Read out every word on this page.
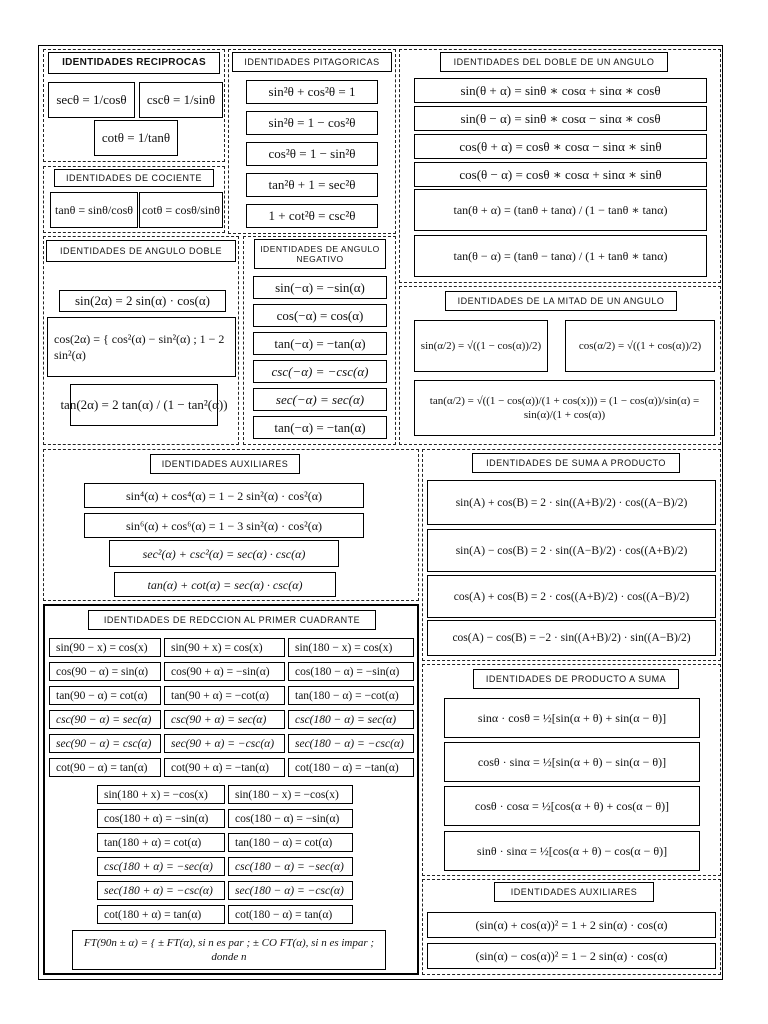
IDENTIDADES RECIPROCAS
secθ = 1/cosθ	cscθ = 1/sinθ
cotθ = 1/tanθ
IDENTIDADES PITAGORICAS
sin²θ + cos²θ = 1
sin²θ = 1 − cos²θ
cos²θ = 1 − sin²θ
tan²θ + 1 = sec²θ
1 + cot²θ = csc²θ
IDENTIDADES DEL DOBLE DE UN ANGULO
sin(θ + α) = sinθ ∗ cosα + sinα ∗ cosθ
sin(θ − α) = sinθ ∗ cosα − sinα ∗ cosθ
cos(θ + α) = cosθ ∗ cosα − sinα ∗ sinθ
cos(θ − α) = cosθ ∗ cosα + sinα ∗ sinθ
tan(θ + α) = (tanθ + tanα) / (1 − tanθ ∗ tanα)
tan(θ − α) = (tanθ − tanα) / (1 + tanθ ∗ tanα)
IDENTIDADES DE COCIENTE
tanθ = sinθ/cosθ cotθ = cosθ/sinθ
IDENTIDADES DE ANGULO DOBLE
sin(2α) = 2 sin(α) · cos(α)
cos(2α) = { cos²(α) − sin²(α) ; 1 − 2 sin²(α)
tan(2α) = 2 tan(α) / (1 − tan²(α))
IDENTIDADES DE ANGULO NEGATIVO
sin(−α) = −sin(α)
cos(−α) = cos(α)
tan(−α) = −tan(α)
csc(−α) = −csc(α)
sec(−α) = sec(α)
tan(−α) = −tan(α)
IDENTIDADES DE LA MITAD DE UN ANGULO
sin(α/2) = √((1 − cos(α))/2)	cos(α/2) = √((1 + cos(α))/2)
tan(α/2) = √((1 − cos(α))/(1 + cos(x))) = (1 − cos(α))/sin(α) = sin(α)/(1 + cos(α))
IDENTIDADES AUXILIARES
sin⁴(α) + cos⁴(α) = 1 − 2 sin²(α) · cos²(α)
sin⁶(α) + cos⁶(α) = 1 − 3 sin²(α) · cos²(α)
sec²(α) + csc²(α) = sec(α) · csc(α)
tan(α) + cot(α) = sec(α) · csc(α)
IDENTIDADES DE SUMA A PRODUCTO
sin(A) + cos(B) = 2 · sin((A+B)/2) · cos((A−B)/2)
sin(A) − cos(B) = 2 · sin((A−B)/2) · cos((A+B)/2)
cos(A) + cos(B) = 2 · cos((A+B)/2) · cos((A−B)/2)
cos(A) − cos(B) = −2 · sin((A+B)/2) · sin((A−B)/2)
IDENTIDADES DE REDCCION AL PRIMER CUADRANTE
sin(90 − x) = cos(x)	sin(90 + x) = cos(x)	sin(180 − x) = cos(x)
cos(90 − α) = sin(α)	cos(90 + α) = −sin(α)	cos(180 − α) = −sin(α)
tan(90 − α) = cot(α)	tan(90 + α) = −cot(α)	tan(180 − α) = −cot(α)
csc(90 − α) = sec(α)	csc(90 + α) = sec(α)	csc(180 − α) = sec(α)
sec(90 − α) = csc(α)	sec(90 + α) = −csc(α)	sec(180 − α) = −csc(α)
cot(90 − α) = tan(α)	cot(90 + α) = −tan(α)	cot(180 − α) = −tan(α)
sin(180 + x) = −cos(x)	sin(180 − x) = −cos(x)
cos(180 + α) = −sin(α)	cos(180 − α) = −sin(α)
tan(180 + α) = cot(α)	tan(180 − α) = cot(α)
csc(180 + α) = −sec(α)	csc(180 − α) = −sec(α)
sec(180 + α) = −csc(α)	sec(180 − α) = −csc(α)
cot(180 + α) = tan(α)	cot(180 − α) = tan(α)
FT(90n ± α) = { ± FT(α), si n es par ; ± CO FT(α), si n es impar ; donde n
IDENTIDADES DE PRODUCTO A SUMA
sinα · cosθ = ½[sin(α + θ) + sin(α − θ)]
cosθ · sinα = ½[sin(α + θ) − sin(α − θ)]
cosθ · cosα = ½[cos(α + θ) + cos(α − θ)]
sinθ · sinα = ½[cos(α + θ) − cos(α − θ)]
IDENTIDADES AUXILIARES
(sin(α) + cos(α))² = 1 + 2 sin(α) · cos(α)
(sin(α) − cos(α))² = 1 − 2 sin(α) · cos(α)
